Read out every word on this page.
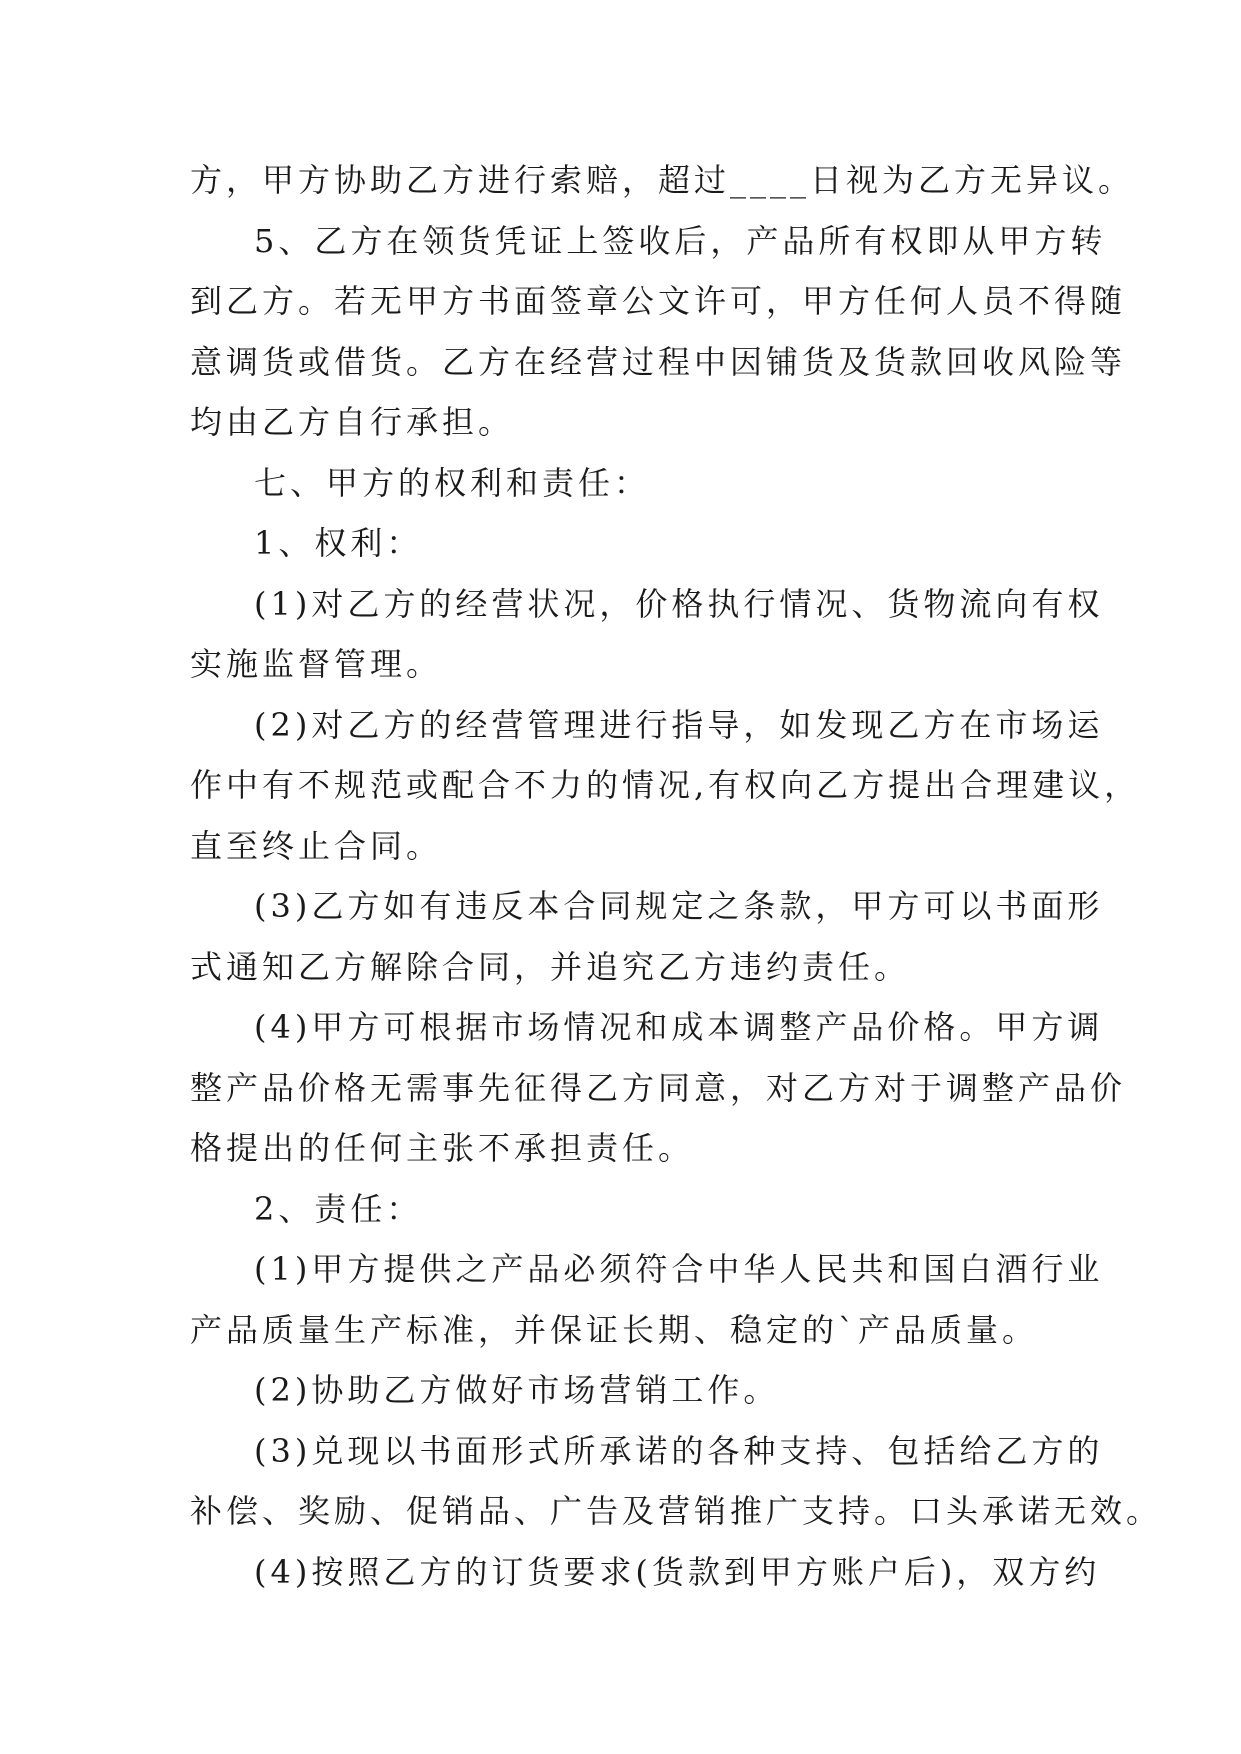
方，甲方协助乙方进行索赔，超过____日视为乙方无异议。

5、乙方在领货凭证上签收后，产品所有权即从甲方转

到乙方。若无甲方书面签章公文许可，甲方任何人员不得随

意调货或借货。乙方在经营过程中因铺货及货款回收风险等

均由乙方自行承担。

七、甲方的权利和责任：

1、权利：

(1)对乙方的经营状况，价格执行情况、货物流向有权

实施监督管理。

(2)对乙方的经营管理进行指导，如发现乙方在市场运

作中有不规范或配合不力的情况,有权向乙方提出合理建议，

直至终止合同。

(3)乙方如有违反本合同规定之条款，甲方可以书面形

式通知乙方解除合同，并追究乙方违约责任。

(4)甲方可根据市场情况和成本调整产品价格。甲方调

整产品价格无需事先征得乙方同意，对乙方对于调整产品价

格提出的任何主张不承担责任。

2、责任：

(1)甲方提供之产品必须符合中华人民共和国白酒行业

产品质量生产标准，并保证长期、稳定的`产品质量。

(2)协助乙方做好市场营销工作。

(3)兑现以书面形式所承诺的各种支持、包括给乙方的

补偿、奖励、促销品、广告及营销推广支持。口头承诺无效。

(4)按照乙方的订货要求(货款到甲方账户后)，双方约
